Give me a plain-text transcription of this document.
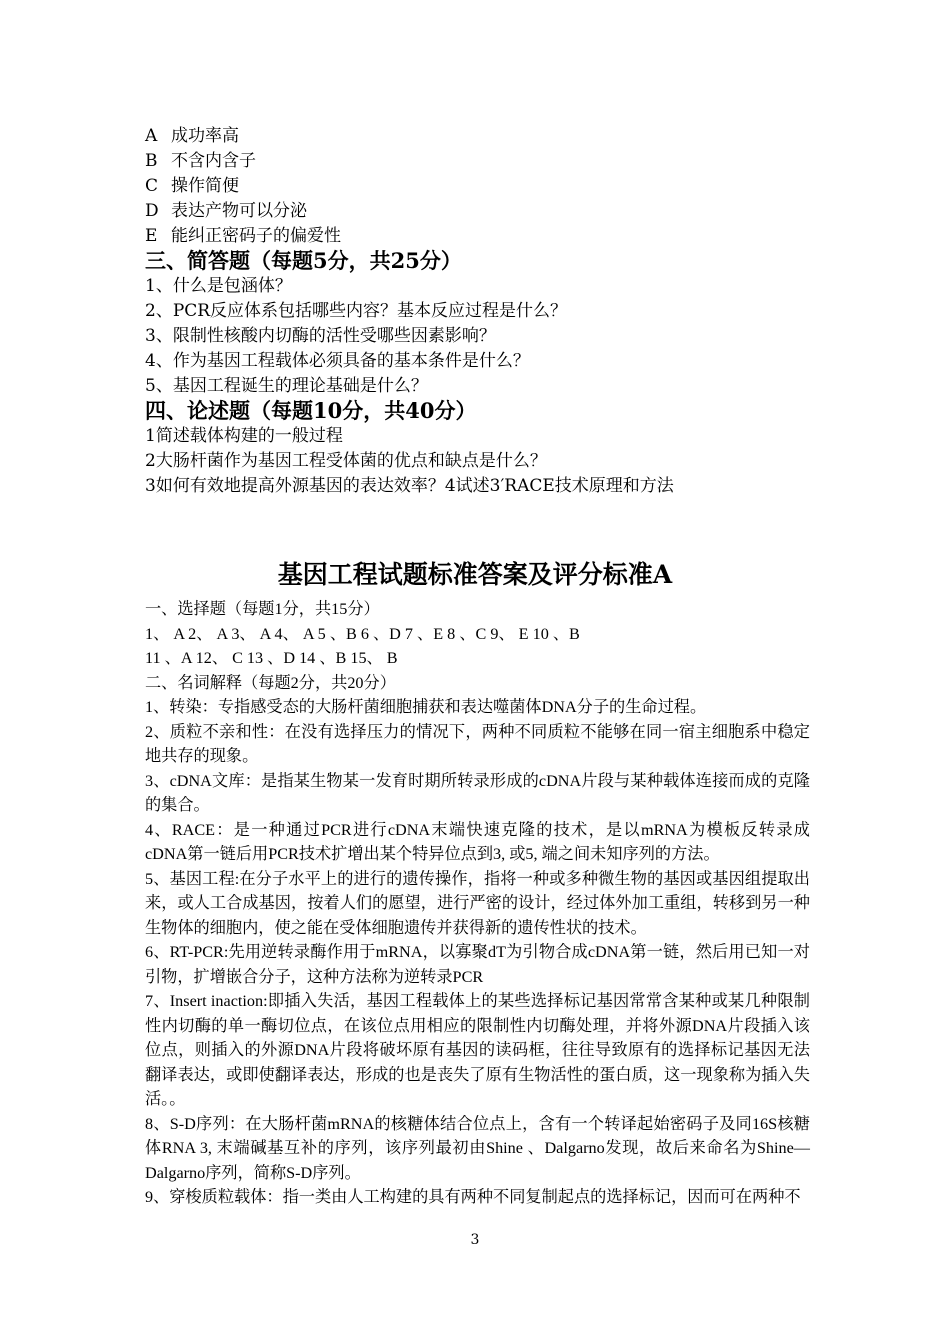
A 成功率高
B 不含内含子
C 操作简便
D 表达产物可以分泌
E 能纠正密码子的偏爱性
三、简答题（每题5分，共25分）
1、什么是包涵体？
2、PCR反应体系包括哪些内容？基本反应过程是什么？
3、限制性核酸内切酶的活性受哪些因素影响？
4、作为基因工程载体必须具备的基本条件是什么？
5、基因工程诞生的理论基础是什么？
四、论述题（每题10分，共40分）
1简述载体构建的一般过程
2大肠杆菌作为基因工程受体菌的优点和缺点是什么？
3如何有效地提高外源基因的表达效率？4试述3′RACE技术原理和方法
基因工程试题标准答案及评分标准A
一、选择题（每题1分，共15分）
1、 A 2、 A 3、 A 4、 A 5 、B 6 、D 7 、E 8 、C 9、 E 10 、B
11 、A 12、 C 13 、D 14 、B 15、 B
二、名词解释（每题2分，共20分）
1、转染：专指感受态的大肠杆菌细胞捕获和表达噬菌体DNA分子的生命过程。
2、质粒不亲和性：在没有选择压力的情况下，两种不同质粒不能够在同一宿主细胞系中稳定地共存的现象。
3、cDNA文库：是指某生物某一发育时期所转录形成的cDNA片段与某种载体连接而成的克隆的集合。
4、RACE：是一种通过PCR进行cDNA末端快速克隆的技术，是以mRNA为模板反转录成cDNA第一链后用PCR技术扩增出某个特异位点到3, 或5, 端之间未知序列的方法。
5、基因工程:在分子水平上的进行的遗传操作，指将一种或多种微生物的基因或基因组提取出来，或人工合成基因，按着人们的愿望，进行严密的设计，经过体外加工重组，转移到另一种生物体的细胞内，使之能在受体细胞遗传并获得新的遗传性状的技术。
6、RT-PCR:先用逆转录酶作用于mRNA，以寡聚dT为引物合成cDNA第一链，然后用已知一对引物，扩增嵌合分子，这种方法称为逆转录PCR
7、Insert inaction:即插入失活，基因工程载体上的某些选择标记基因常常含某种或某几种限制性内切酶的单一酶切位点，在该位点用相应的限制性内切酶处理，并将外源DNA片段插入该位点，则插入的外源DNA片段将破坏原有基因的读码框，往往导致原有的选择标记基因无法翻译表达，或即使翻译表达，形成的也是丧失了原有生物活性的蛋白质，这一现象称为插入失活。。
8、S-D序列：在大肠杆菌mRNA的核糖体结合位点上，含有一个转译起始密码子及同16S核糖体RNA 3, 末端碱基互补的序列，该序列最初由Shine 、Dalgarno发现，故后来命名为Shine—Dalgarno序列，简称S-D序列。
9、穿梭质粒载体：指一类由人工构建的具有两种不同复制起点的选择标记，因而可在两种不
3
